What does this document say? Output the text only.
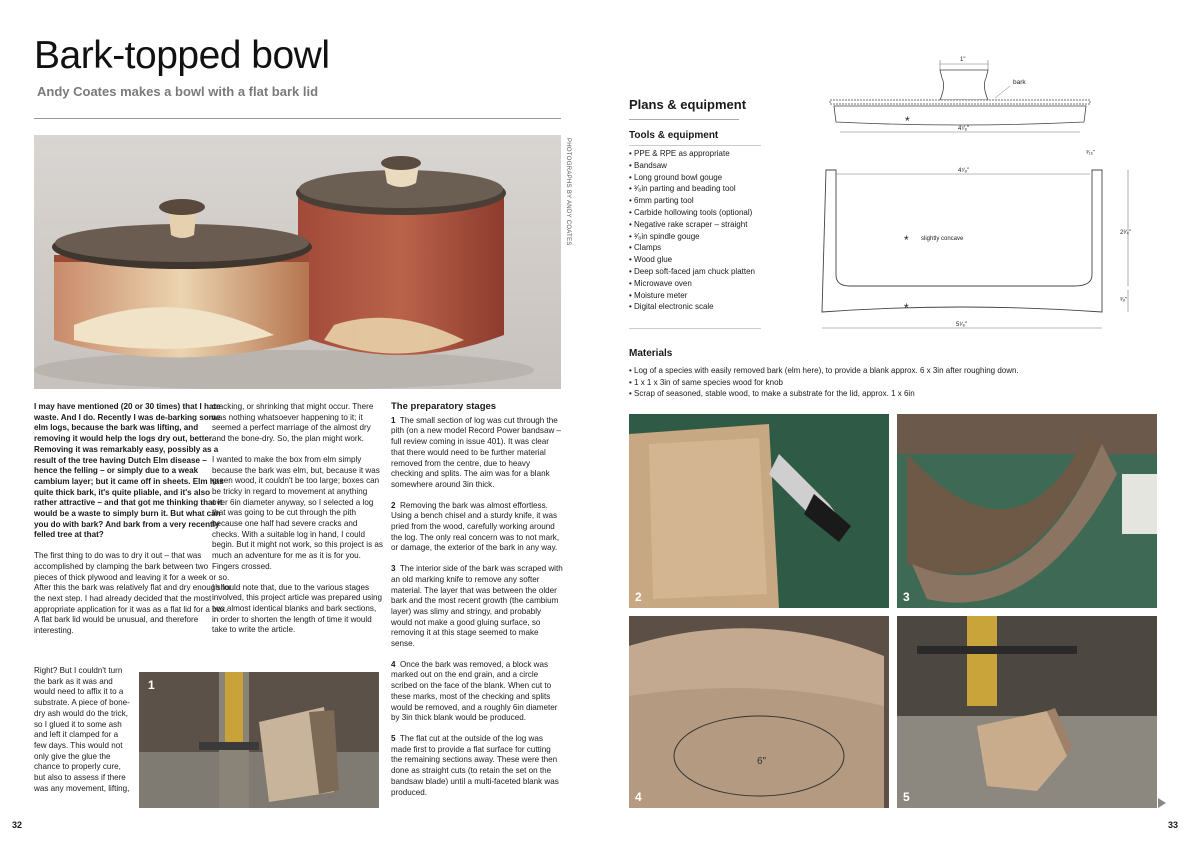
Bark-topped bowl
Andy Coates makes a bowl with a flat bark lid
PHOTOGRAPHS BY ANDY COATES

I may have mentioned (20 or 30 times) that I hate waste. And I do. Recently I was de-barking some elm logs, because the bark was lifting, and removing it would help the logs dry out, better. Removing it was remarkably easy, possibly as a result of the tree having Dutch Elm disease – hence the felling – or simply due to a weak cambium layer; but it came off in sheets. Elm has quite thick bark, it's quite pliable, and it's also rather attractive – and that got me thinking that it would be a waste to simply burn it. But what can you do with bark? And bark from a very recently felled tree at that?

The first thing to do was to dry it out – that was accomplished by clamping the bark between two pieces of thick plywood and leaving it for a week or so. After this the bark was relatively flat and dry enough for the next step. I had already decided that the most appropriate application for it was as a flat lid for a box. A flat bark lid would be unusual, and therefore interesting.

Right? But I couldn't turn the bark as it was and would need to affix it to a substrate. A piece of bone-dry ash would do the trick, so I glued it to some ash and left it clamped for a few days. This would not only give the glue the chance to properly cure, but also to assess if there was any movement, lifting,

cracking, or shrinking that might occur. There was nothing whatsoever happening to it; it seemed a perfect marriage of the almost dry and the bone-dry. So, the plan might work.

I wanted to make the box from elm simply because the bark was elm, but, because it was green wood, it couldn't be too large; boxes can be tricky in regard to movement at anything over 6in diameter anyway, so I selected a log that was going to be cut through the pith because one half had severe cracks and checks. With a suitable log in hand, I could begin. But it might not work, so this project is as much an adventure for me as it is for you. Fingers crossed.

I should note that, due to the various stages involved, this project article was prepared using two almost identical blanks and bark sections, in order to shorten the length of time it would take to write the article.

The preparatory stages

1 The small section of log was cut through the pith (on a new model Record Power bandsaw – full review coming in issue 401). It was clear that there would need to be further material removed from the centre, due to heavy checking and splits. The aim was for a blank somewhere around 3in thick.

2 Removing the bark was almost effortless. Using a bench chisel and a sturdy knife, it was pried from the wood, carefully working around the log. The only real concern was to not mark, or damage, the exterior of the bark in any way.

3 The interior side of the bark was scraped with an old marking knife to remove any softer material. The layer that was between the older bark and the most recent growth (the cambium layer) was slimy and stringy, and probably would not make a good gluing surface, so removing it at this stage seemed to make sense.

4 Once the bark was removed, a block was marked out on the end grain, and a circle scribed on the face of the blank. When cut to these marks, most of the checking and splits would be removed, and a roughly 6in diameter by 3in thick blank would be produced.

5 The flat cut at the outside of the log was made first to provide a flat surface for cutting the remaining sections away. These were then done as straight cuts (to retain the set on the bandsaw blade) until a multi-faceted blank was produced.

1
32
Plans & equipment
Tools & equipment
• PPE & RPE as appropriate
• Bandsaw
• Long ground bowl gouge
• ³⁄₈in parting and beading tool
• 6mm parting tool
• Carbide hollowing tools (optional)
• Negative rake scraper – straight
• ³⁄₈in spindle gouge
• Clamps
• Wood glue
• Deep soft-faced jam chuck platten
• Microwave oven
• Moisture meter
• Digital electronic scale
1"
bark
*
4⁷⁄₈"
³⁄₁₆"
4⁷⁄₈"
* slightly concave
*
2³⁄₄"
³⁄₈"
5¹⁄₈"
Materials
• Log of a species with easily removed bark (elm here), to provide a blank approx. 6 x 3in after roughing down.
• 1 x 1 x 3in of same species wood for knob
• Scrap of seasoned, stable wood, to make a substrate for the lid, approx. 1 x 6in
2	3
6"
4	5
33
